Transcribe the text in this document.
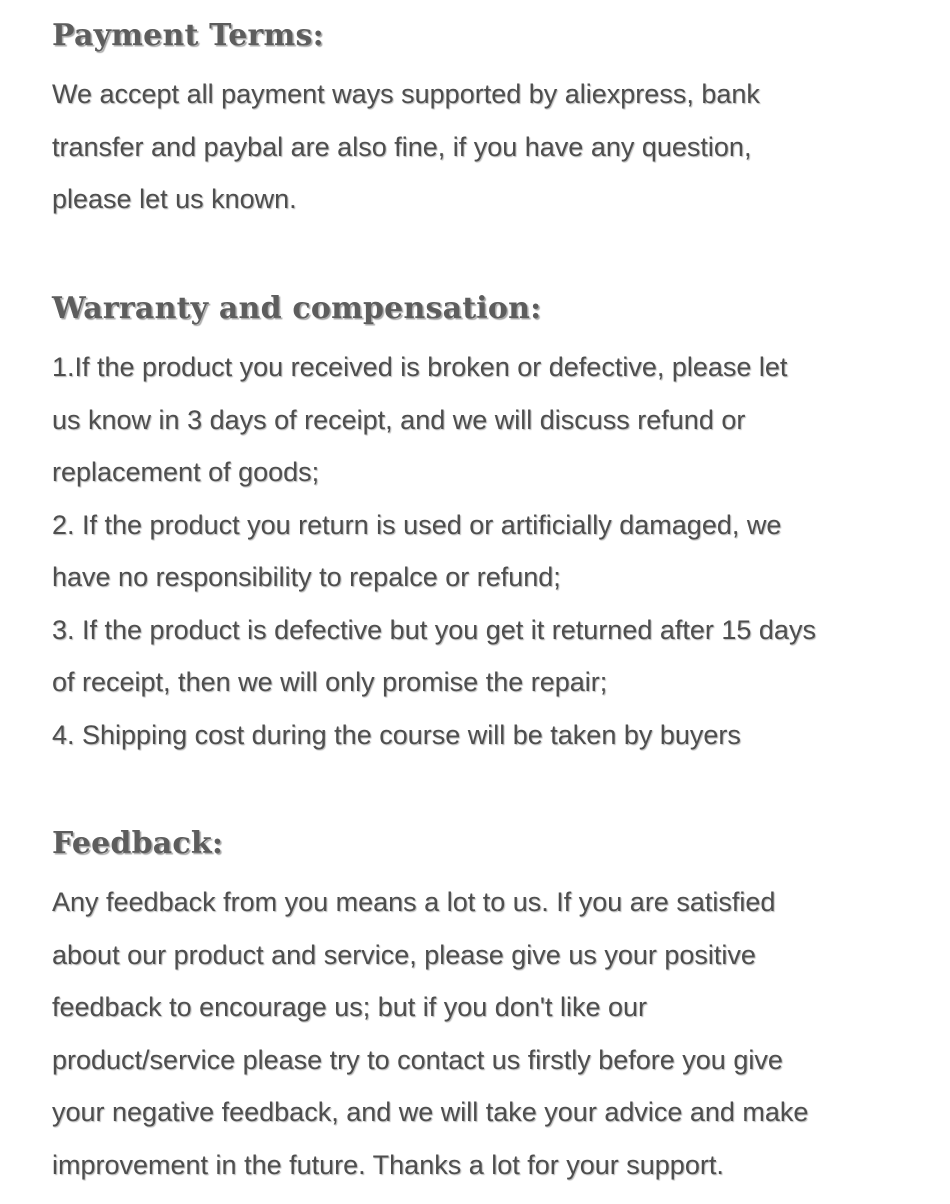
Payment Terms:

We accept all payment ways supported by aliexpress, bank
transfer and paybal are also fine, if you have any question,
please let us known.

Warranty and compensation:

1.If the product you received is broken or defective, please let
us know in 3 days of receipt, and we will discuss refund or
replacement of goods;

2. If the product you return is used or artificially damaged, we
have no responsibility to repalce or refund;

3. If the product is defective but you get it returned after 15 days
of receipt, then we will only promise the repair;

4. Shipping cost during the course will be taken by buyers

Feedback:

Any feedback from you means a lot to us. If you are satisfied
about our product and service, please give us your positive
feedback to encourage us; but if you don't like our
product/service please try to contact us firstly before you give
your negative feedback, and we will take your advice and make
improvement in the future. Thanks a lot for your support.
